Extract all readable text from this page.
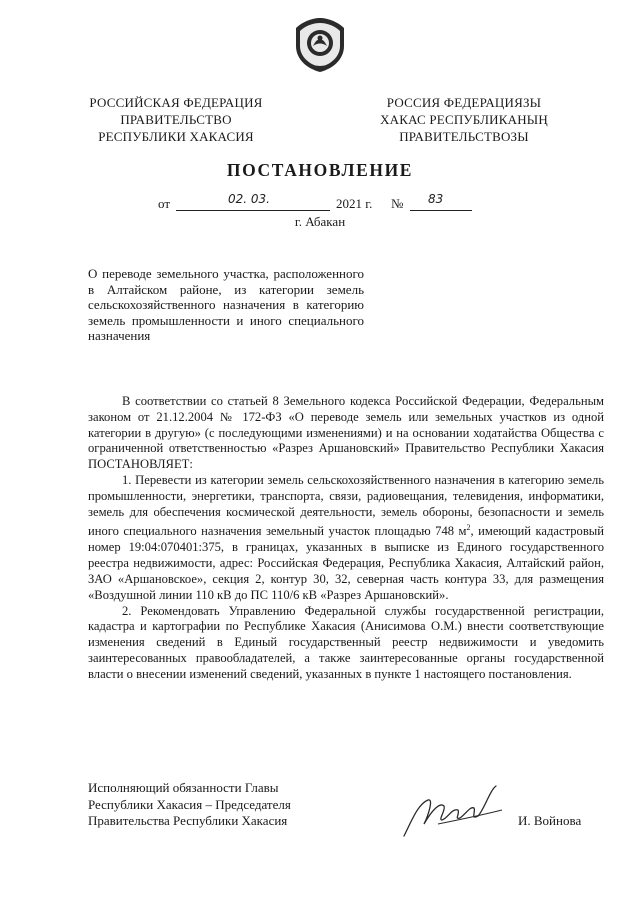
РОССИЙСКАЯ ФЕДЕРАЦИЯ
ПРАВИТЕЛЬСТВО
РЕСПУБЛИКИ ХАКАСИЯ
РОССИЯ ФЕДЕРАЦИЯЗЫ
ХАКАС РЕСПУБЛИКАНЫҢ
ПРАВИТЕЛЬСТВОЗЫ
ПОСТАНОВЛЕНИЕ
от	02. 03.	2021 г. № 83
г. Абакан
О переводе земельного участка, расположенного в Алтайском районе, из категории земель сельскохозяйственного назначения в категорию земель промышленности и иного специального назначения

В соответствии со статьей 8 Земельного кодекса Российской Федерации, Федеральным законом от 21.12.2004 № 172-ФЗ «О переводе земель или земельных участков из одной категории в другую» (с последующими изменениями) и на основании ходатайства Общества с ограниченной ответственностью «Разрез Аршановский» Правительство Республики Хакасия ПОСТАНОВЛЯЕТ:

1. Перевести из категории земель сельскохозяйственного назначения в категорию земель промышленности, энергетики, транспорта, связи, радиовещания, телевидения, информатики, земель для обеспечения космической деятельности, земель обороны, безопасности и земель иного специального назначения земельный участок площадью 748 $м^2$, имеющий кадастровый номер 19:04:070401:375, в границах, указанных в выписке из Единого государственного реестра недвижимости, адрес: Российская Федерация, Республика Хакасия, Алтайский район, ЗАО «Аршановское», секция 2, контур 30, 32, северная часть контура 33, для размещения «Воздушной линии 110 кВ до ПС 110/6 кВ «Разрез Аршановский».

2. Рекомендовать Управлению Федеральной службы государственной регистрации, кадастра и картографии по Республике Хакасия (Анисимова О.М.) внести соответствующие изменения сведений в Единый государственный реестр недвижимости и уведомить заинтересованных правообладателей, а также заинтересованные органы государственной власти о внесении изменений сведений, указанных в пункте 1 настоящего постановления.

Исполняющий обязанности Главы
Республики Хакасия – Председателя
Правительства Республики Хакасия	И. Войнова
